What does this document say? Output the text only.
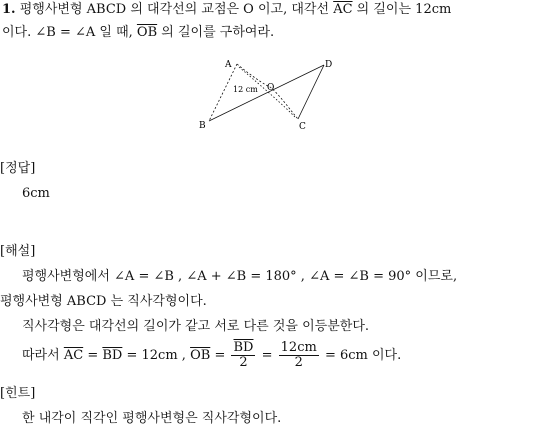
1. 평행사변형 ABCD 의 대각선의 교점은 O 이고, 대각선 $\overline{AC}$ 의 길이는 12cm
이다. ∠B = ∠A 일 때, $\overline{OB}$ 의 길이를 구하여라.
A
B	C
D
O
12 cm
[정답]
6cm
[해설]
평행사변형에서 ∠A = ∠B , ∠A + ∠B = 180° , ∠A = ∠B = 90° 이므로,
평행사변형 ABCD 는 직사각형이다.
직사각형은 대각선의 길이가 같고 서로 다른 것을 이등분한다.
따라서 $\overline{AC} = \overline{BD} = 12cm$ , $\overline{OB} = \frac{\overline{BD}}{2} = \frac{12cm}{2} = 6cm$ 이다.
[힌트]
한 내각이 직각인 평행사변형은 직사각형이다.
